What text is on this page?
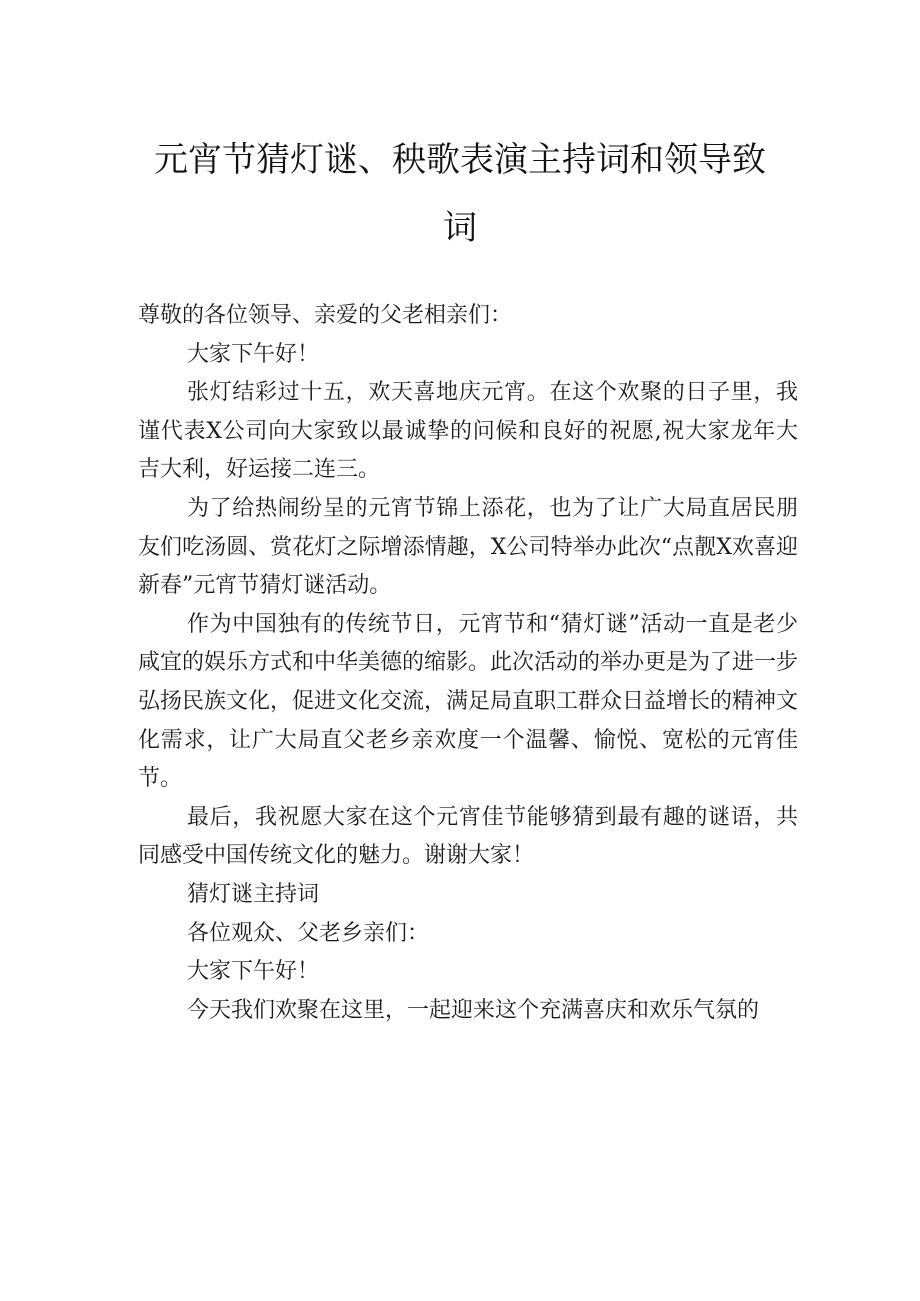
元宵节猜灯谜、秧歌表演主持词和领导致
词

尊敬的各位领导、亲爱的父老相亲们：

大家下午好！

张灯结彩过十五，欢天喜地庆元宵。在这个欢聚的日子里，我谨代表X公司向大家致以最诚挚的问候和良好的祝愿,祝大家龙年大吉大利，好运接二连三。

为了给热闹纷呈的元宵节锦上添花，也为了让广大局直居民朋友们吃汤圆、赏花灯之际增添情趣，X公司特举办此次“点靓X欢喜迎新春”元宵节猜灯谜活动。

作为中国独有的传统节日，元宵节和“猜灯谜”活动一直是老少咸宜的娱乐方式和中华美德的缩影。此次活动的举办更是为了进一步弘扬民族文化，促进文化交流，满足局直职工群众日益增长的精神文化需求，让广大局直父老乡亲欢度一个温馨、愉悦、宽松的元宵佳节。

最后，我祝愿大家在这个元宵佳节能够猜到最有趣的谜语，共同感受中国传统文化的魅力。谢谢大家！

猜灯谜主持词

各位观众、父老乡亲们：

大家下午好！

今天我们欢聚在这里，一起迎来这个充满喜庆和欢乐气氛的
